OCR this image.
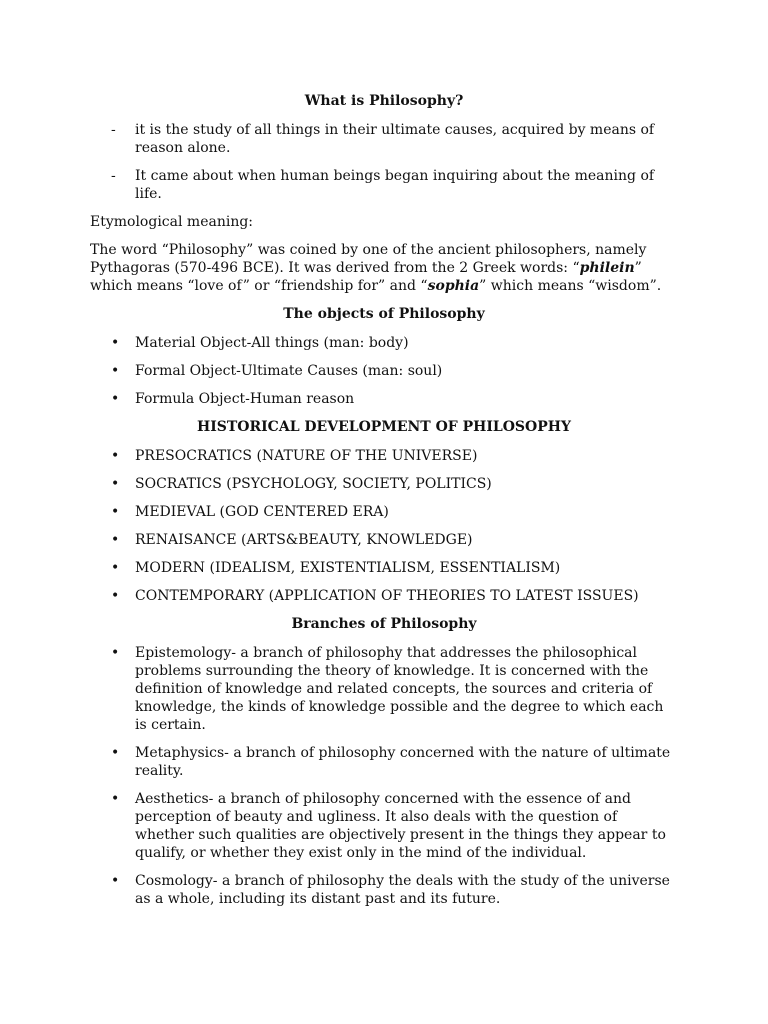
What is Philosophy?

- it is the study of all things in their ultimate causes, acquired by means of reason alone.
- It came about when human beings began inquiring about the meaning of life.

Etymological meaning:

The word “Philosophy” was coined by one of the ancient philosophers, namely Pythagoras (570-496 BCE). It was derived from the 2 Greek words: “philein” which means “love of” or “friendship for” and “sophia” which means “wisdom”.

The objects of Philosophy

• Material Object-All things (man: body)
• Formal Object-Ultimate Causes (man: soul)
• Formula Object-Human reason

HISTORICAL DEVELOPMENT OF PHILOSOPHY

• PRESOCRATICS (NATURE OF THE UNIVERSE)
• SOCRATICS (PSYCHOLOGY, SOCIETY, POLITICS)
• MEDIEVAL (GOD CENTERED ERA)
• RENAISANCE (ARTS&BEAUTY, KNOWLEDGE)
• MODERN (IDEALISM, EXISTENTIALISM, ESSENTIALISM)
• CONTEMPORARY (APPLICATION OF THEORIES TO LATEST ISSUES)

Branches of Philosophy

• Epistemology- a branch of philosophy that addresses the philosophical problems surrounding the theory of knowledge. It is concerned with the definition of knowledge and related concepts, the sources and criteria of knowledge, the kinds of knowledge possible and the degree to which each is certain.
• Metaphysics- a branch of philosophy concerned with the nature of ultimate reality.
• Aesthetics- a branch of philosophy concerned with the essence of and perception of beauty and ugliness. It also deals with the question of whether such qualities are objectively present in the things they appear to qualify, or whether they exist only in the mind of the individual.
• Cosmology- a branch of philosophy the deals with the study of the universe as a whole, including its distant past and its future.
